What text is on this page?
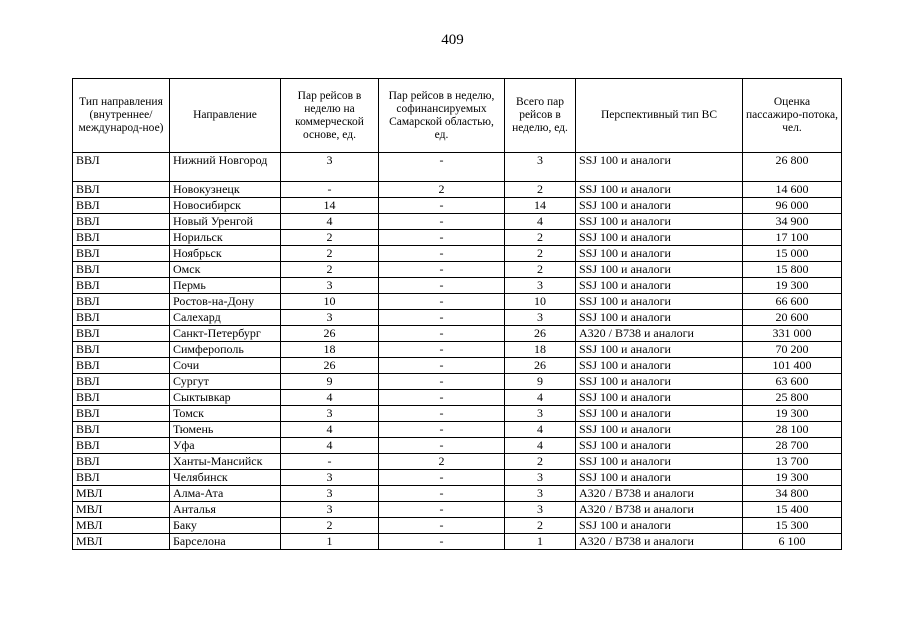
409
Тип направления (внутреннее/ международ-ное)	Направление	Пар рейсов в неделю на коммерческой основе, ед.	Пар рейсов в неделю, софинансируемых Самарской областью, ед.	Всего пар рейсов в неделю, ед.	Перспективный тип ВС	Оценка пассажиро-потока, чел.
ВВЛ	Нижний Новгород	3	-	3	SSJ 100 и аналоги	26 800
ВВЛ	Новокузнецк	-	2	2	SSJ 100 и аналоги	14 600
ВВЛ	Новосибирск	14	-	14	SSJ 100 и аналоги	96 000
ВВЛ	Новый Уренгой	4	-	4	SSJ 100 и аналоги	34 900
ВВЛ	Норильск	2	-	2	SSJ 100 и аналоги	17 100
ВВЛ	Ноябрьск	2	-	2	SSJ 100 и аналоги	15 000
ВВЛ	Омск	2	-	2	SSJ 100 и аналоги	15 800
ВВЛ	Пермь	3	-	3	SSJ 100 и аналоги	19 300
ВВЛ	Ростов-на-Дону	10	-	10	SSJ 100 и аналоги	66 600
ВВЛ	Салехард	3	-	3	SSJ 100 и аналоги	20 600
ВВЛ	Санкт-Петербург	26	-	26	A320 / B738 и аналоги	331 000
ВВЛ	Симферополь	18	-	18	SSJ 100 и аналоги	70 200
ВВЛ	Сочи	26	-	26	SSJ 100 и аналоги	101 400
ВВЛ	Сургут	9	-	9	SSJ 100 и аналоги	63 600
ВВЛ	Сыктывкар	4	-	4	SSJ 100 и аналоги	25 800
ВВЛ	Томск	3	-	3	SSJ 100 и аналоги	19 300
ВВЛ	Тюмень	4	-	4	SSJ 100 и аналоги	28 100
ВВЛ	Уфа	4	-	4	SSJ 100 и аналоги	28 700
ВВЛ	Ханты-Мансийск	-	2	2	SSJ 100 и аналоги	13 700
ВВЛ	Челябинск	3	-	3	SSJ 100 и аналоги	19 300
МВЛ	Алма-Ата	3	-	3	A320 / B738 и аналоги	34 800
МВЛ	Анталья	3	-	3	A320 / B738 и аналоги	15 400
МВЛ	Баку	2	-	2	SSJ 100 и аналоги	15 300
МВЛ	Барселона	1	-	1	A320 / B738 и аналоги	6 100
